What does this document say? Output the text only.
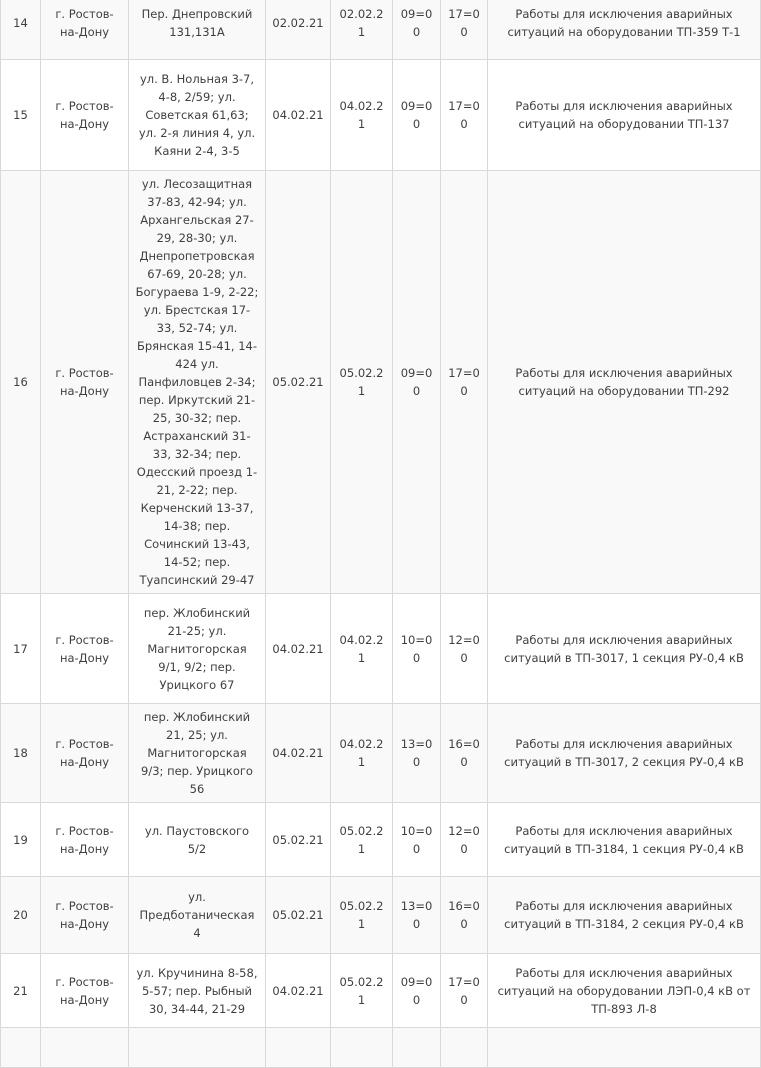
14	г. Ростов-на-Дону	Пер. Днепровский 131,131А	02.02.21	02.02.21	09=00	17=00	Работы для исключения аварийных ситуаций на оборудовании ТП-359 Т-1
15	г. Ростов-на-Дону	ул. В. Нольная 3-7, 4-8, 2/59; ул. Советская 61,63; ул. 2-я линия 4, ул. Каяни 2-4, 3-5	04.02.21	04.02.21	09=00	17=00	Работы для исключения аварийных ситуаций на оборудовании ТП-137
16	г. Ростов-на-Дону	ул. Лесозащитная 37-83, 42-94; ул. Архангельская 27-29, 28-30; ул. Днепропетровская 67-69, 20-28; ул. Богураева 1-9, 2-22; ул. Брестская 17-33, 52-74; ул. Брянская 15-41, 14-424 ул. Панфиловцев 2-34; пер. Иркутский 21-25, 30-32; пер. Астраханский 31-33, 32-34; пер. Одесский проезд 1-21, 2-22; пер. Керченский 13-37, 14-38; пер. Сочинский 13-43, 14-52; пер. Туапсинский 29-47	05.02.21	05.02.21	09=00	17=00	Работы для исключения аварийных ситуаций на оборудовании ТП-292
17	г. Ростов-на-Дону	пер. Жлобинский 21-25; ул. Магнитогорская 9/1, 9/2; пер. Урицкого 67	04.02.21	04.02.21	10=00	12=00	Работы для исключения аварийных ситуаций в ТП-3017, 1 секция РУ-0,4 кВ
18	г. Ростов-на-Дону	пер. Жлобинский 21, 25; ул. Магнитогорская 9/3; пер. Урицкого 56	04.02.21	04.02.21	13=00	16=00	Работы для исключения аварийных ситуаций в ТП-3017, 2 секция РУ-0,4 кВ
19	г. Ростов-на-Дону	ул. Паустовского 5/2	05.02.21	05.02.21	10=00	12=00	Работы для исключения аварийных ситуаций в ТП-3184, 1 секция РУ-0,4 кВ
20	г. Ростов-на-Дону	ул. Предботаническая 4	05.02.21	05.02.21	13=00	16=00	Работы для исключения аварийных ситуаций в ТП-3184, 2 секция РУ-0,4 кВ
21	г. Ростов-на-Дону	ул. Кручинина 8-58, 5-57; пер. Рыбный 30, 34-44, 21-29	04.02.21	05.02.21	09=00	17=00	Работы для исключения аварийных ситуаций на оборудовании ЛЭП-0,4 кВ от ТП-893 Л-8
